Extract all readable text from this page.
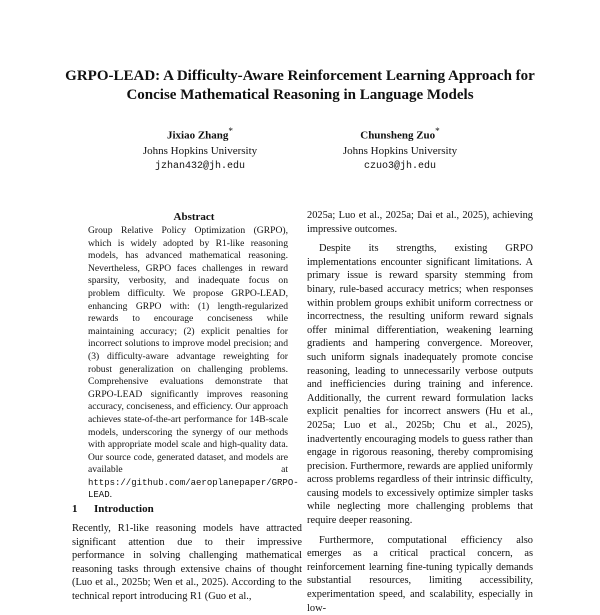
GRPO-LEAD: A Difficulty-Aware Reinforcement Learning Approach for Concise Mathematical Reasoning in Language Models
Jixiao Zhang*
Johns Hopkins University
jzhan432@jh.edu
Chunsheng Zuo*
Johns Hopkins University
czuo3@jh.edu
Abstract

Group Relative Policy Optimization (GRPO), which is widely adopted by R1-like reasoning models, has advanced mathematical reasoning. Nevertheless, GRPO faces challenges in reward sparsity, verbosity, and inadequate focus on problem difficulty. We propose GRPO-LEAD, enhancing GRPO with: (1) length-regularized rewards to encourage conciseness while maintaining accuracy; (2) explicit penalties for incorrect solutions to improve model precision; and (3) difficulty-aware advantage reweighting for robust generalization on challenging problems. Comprehensive evaluations demonstrate that GRPO-LEAD significantly improves reasoning accuracy, conciseness, and efficiency. Our approach achieves state-of-the-art performance for 14B-scale models, underscoring the synergy of our methods with appropriate model scale and high-quality data. Our source code, generated dataset, and models are available at https://github.com/aeroplanepaper/GRPO-LEAD.

1 Introduction

Recently, R1-like reasoning models have attracted significant attention due to their impressive performance in solving challenging mathematical reasoning tasks through extensive chains of thought (Luo et al., 2025b; Wen et al., 2025). According to the technical report introducing R1 (Guo et al.,

2025a; Luo et al., 2025a; Dai et al., 2025), achieving impressive outcomes.

Despite its strengths, existing GRPO implementations encounter significant limitations. A primary issue is reward sparsity stemming from binary, rule-based accuracy metrics; when responses within problem groups exhibit uniform correctness or incorrectness, the resulting uniform reward signals offer minimal differentiation, weakening learning gradients and hampering convergence. Moreover, such uniform signals inadequately promote concise reasoning, leading to unnecessarily verbose outputs and inefficiencies during training and inference. Additionally, the current reward formulation lacks explicit penalties for incorrect answers (Hu et al., 2025a; Luo et al., 2025b; Chu et al., 2025), inadvertently encouraging models to guess rather than engage in rigorous reasoning, thereby compromising precision. Furthermore, rewards are applied uniformly across problems regardless of their intrinsic difficulty, causing models to excessively optimize simpler tasks while neglecting more challenging problems that require deeper reasoning.

Furthermore, computational efficiency also emerges as a critical practical concern, as reinforcement learning fine-tuning typically demands substantial resources, limiting accessibility, experimentation speed, and scalability, especially in low-
